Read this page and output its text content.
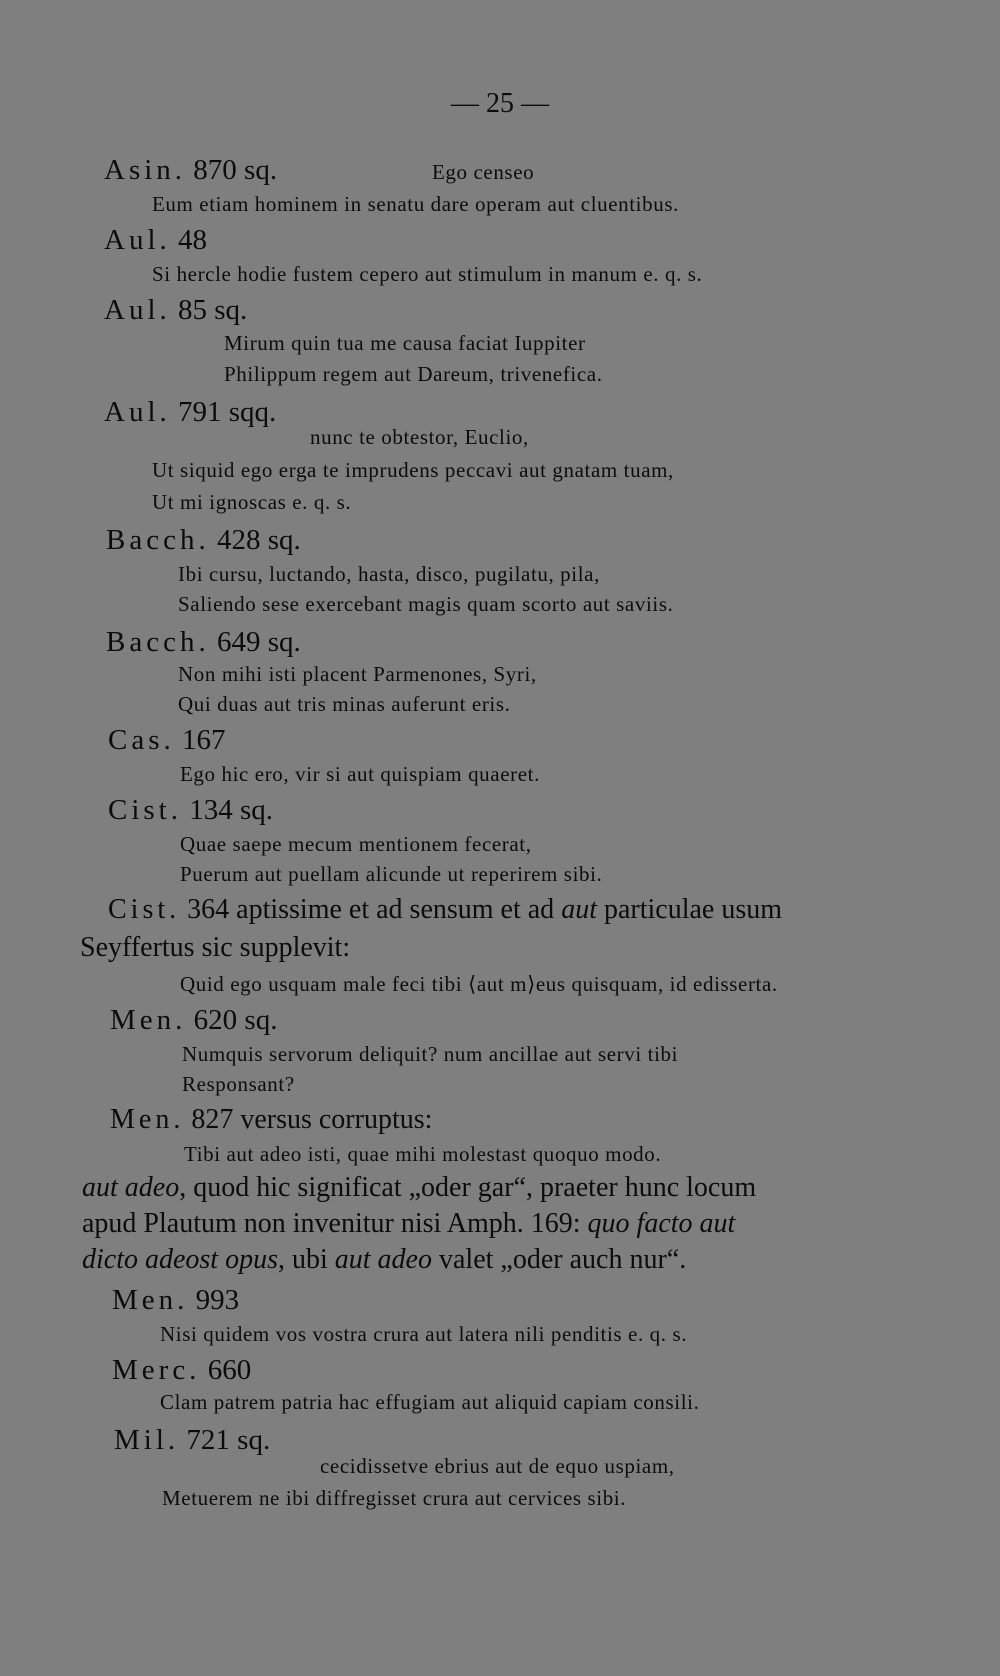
— 25 —
Asin. 870 sq.	Ego censeo
Eum etiam hominem in senatu dare operam aut cluentibus.
Aul. 48
Si hercle hodie fustem cepero aut stimulum in manum e. q. s.
Aul. 85 sq.
Mirum quin tua me causa faciat Iuppiter
Philippum regem aut Dareum, trivenefica.
Aul. 791 sqq.
nunc te obtestor, Euclio,
Ut siquid ego erga te imprudens peccavi aut gnatam tuam,
Ut mi ignoscas e. q. s.
Bacch. 428 sq.
Ibi cursu, luctando, hasta, disco, pugilatu, pila,
Saliendo sese exercebant magis quam scorto aut saviis.
Bacch. 649 sq.
Non mihi isti placent Parmenones, Syri,
Qui duas aut tris minas auferunt eris.
Cas. 167
Ego hic ero, vir si aut quispiam quaeret.
Cist. 134 sq.
Quae saepe mecum mentionem fecerat,
Puerum aut puellam alicunde ut reperirem sibi.
Cist. 364 aptissime et ad sensum et ad aut particulae usum
Seyffertus sic supplevit:
Quid ego usquam male feci tibi ⟨aut m⟩eus quisquam, id edisserta.
Men. 620 sq.
Numquis servorum deliquit? num ancillae aut servi tibi
Responsant?
Men. 827 versus corruptus:
Tibi aut adeo isti, quae mihi molestast quoquo modo.
aut adeo, quod hic significat „oder gar“, praeter hunc locum
apud Plautum non invenitur nisi Amph. 169: quo facto aut
dicto adeost opus, ubi aut adeo valet „oder auch nur“.
Men. 993
Nisi quidem vos vostra crura aut latera nili penditis e. q. s.
Merc. 660
Clam patrem patria hac effugiam aut aliquid capiam consili.
Mil. 721 sq.
cecidissetve ebrius aut de equo uspiam,
Metuerem ne ibi diffregisset crura aut cervices sibi.
